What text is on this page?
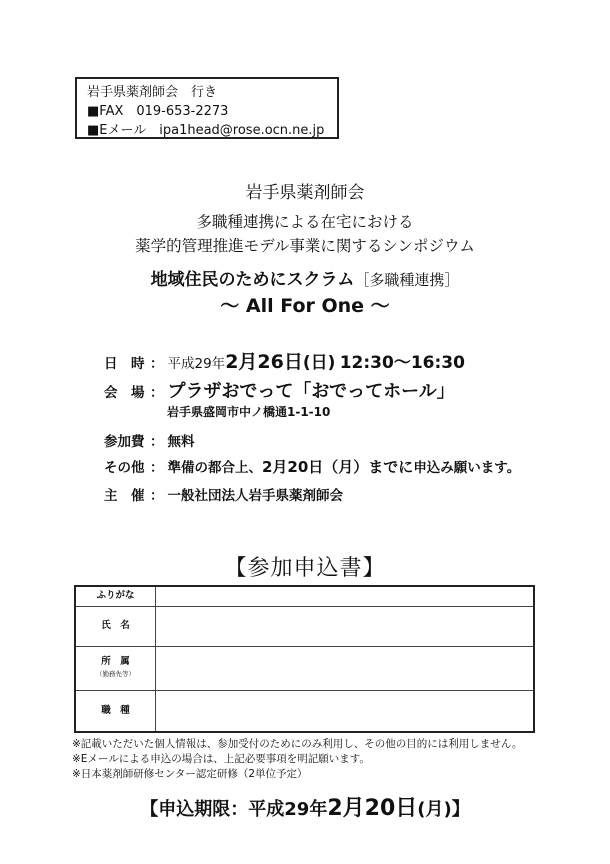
岩手県薬剤師会　行き
■FAX　019-653-2273
■Eメール　ipa1head@rose.ocn.ne.jp
岩手県薬剤師会
多職種連携による在宅における
薬学的管理推進モデル事業に関するシンポジウム
地域住民のためにスクラム［多職種連携］
～ All For One ～
日　時 ： 平成29年2月26日(日) 12:30～16:30
会　場 ： プラザおでって「おでってホール」
岩手県盛岡市中ノ橋通1-1-10
参加費 ： 無料
その他 ： 準備の都合上、2月20日（月）までに申込み願います。
主　催 ： 一般社団法人岩手県薬剤師会
【参加申込書】
ふりがな	
氏　名	
所　属
（勤務先等）	

職　種	
※記載いただいた個人情報は、参加受付のためにのみ利用し、その他の目的には利用しません。
※Eメールによる申込の場合は、上記必要事項を明記願います。
※日本薬剤師研修センター認定研修（2単位予定）
【申込期限：平成29年2月20日(月)】
